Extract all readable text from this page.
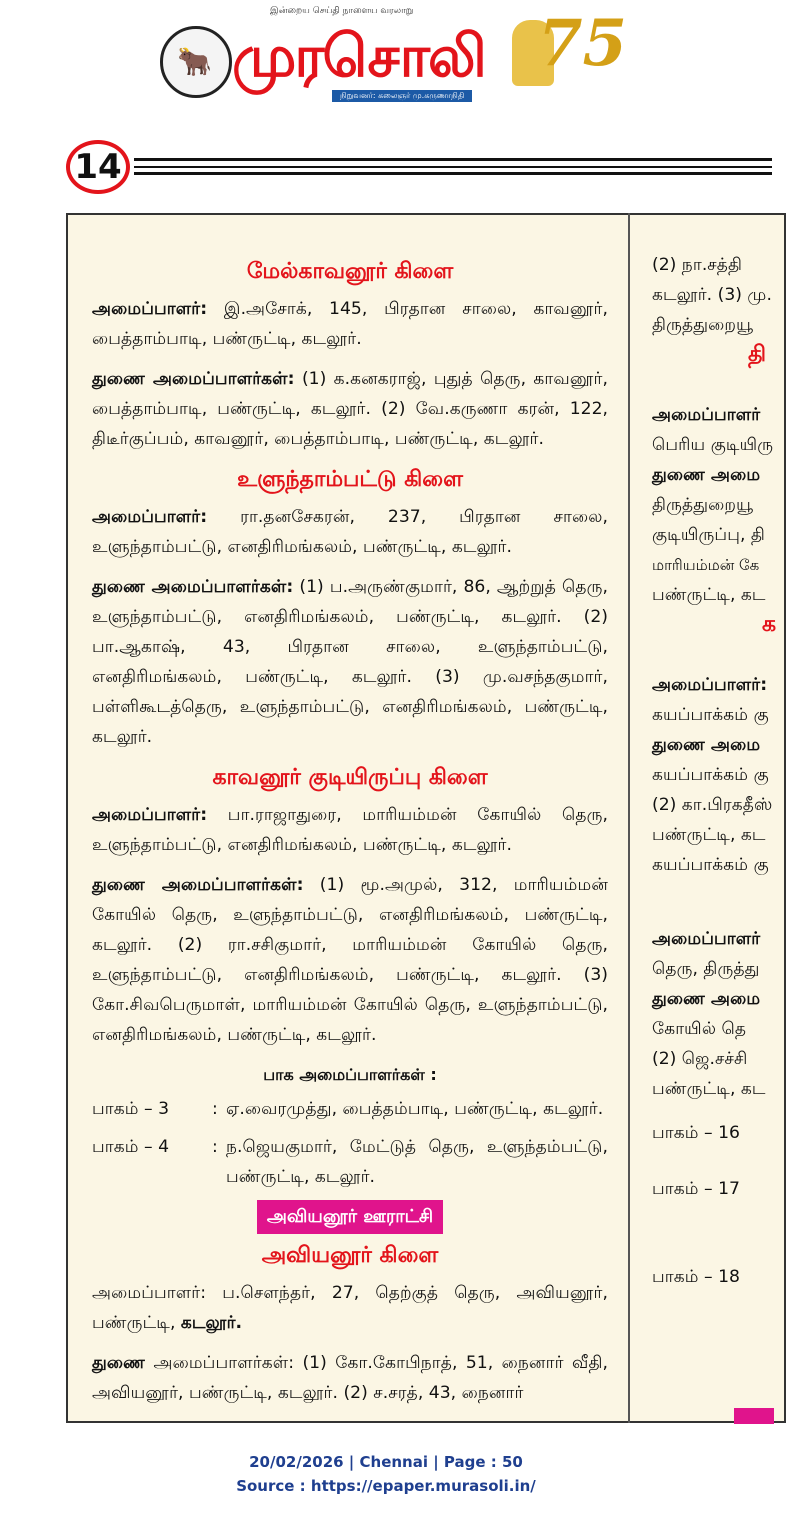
🐂
இன்றைய செய்தி நாளைய வரலாறு
முரசொலி 75
நிறுவனர்: கலைஞர் மு.கருணாநிதி
14
மேல்காவனூர் கிளை

அமைப்பாளர்: இ.அசோக், 145, பிரதான சாலை, காவனூர், பைத்தாம்பாடி, பண்ருட்டி, கடலூர்.

துணை அமைப்பாளர்கள்: (1) க.கனகராஜ், புதுத் தெரு, காவனூர், பைத்தாம்பாடி, பண்ருட்டி, கடலூர். (2) வே.கருணா கரன், 122, திடீர்குப்பம், காவனூர், பைத்தாம்பாடி, பண்ருட்டி, கடலூர்.

உளுந்தாம்பட்டு கிளை

அமைப்பாளர்: ரா.தனசேகரன், 237, பிரதான சாலை, உளுந்தாம்பட்டு, எனதிரிமங்கலம், பண்ருட்டி, கடலூர்.

துணை அமைப்பாளர்கள்: (1) ப.அருண்குமார், 86, ஆற்றுத் தெரு, உளுந்தாம்பட்டு, எனதிரிமங்கலம், பண்ருட்டி, கடலூர். (2) பா.ஆகாஷ், 43, பிரதான சாலை, உளுந்தாம்பட்டு, எனதிரிமங்கலம், பண்ருட்டி, கடலூர். (3) மு.வசந்தகுமார், பள்ளிகூடத்தெரு, உளுந்தாம்பட்டு, எனதிரிமங்கலம், பண்ருட்டி, கடலூர்.

காவனூர் குடியிருப்பு கிளை

அமைப்பாளர்: பா.ராஜாதுரை, மாரியம்மன் கோயில் தெரு, உளுந்தாம்பட்டு, எனதிரிமங்கலம், பண்ருட்டி, கடலூர்.

துணை அமைப்பாளர்கள்: (1) மூ.அமுல், 312, மாரியம்மன் கோயில் தெரு, உளுந்தாம்பட்டு, எனதிரிமங்கலம், பண்ருட்டி, கடலூர். (2) ரா.சசிகுமார், மாரியம்மன் கோயில் தெரு, உளுந்தாம்பட்டு, எனதிரிமங்கலம், பண்ருட்டி, கடலூர். (3) கோ.சிவபெருமாள், மாரியம்மன் கோயில் தெரு, உளுந்தாம்பட்டு, எனதிரிமங்கலம், பண்ருட்டி, கடலூர்.

பாக அமைப்பாளர்கள் :
பாகம் – 3	: ஏ.வைரமுத்து, பைத்தம்பாடி, பண்ருட்டி, கடலூர்.
பாகம் – 4	: ந.ஜெயகுமார், மேட்டுத் தெரு, உளுந்தம்பட்டு, பண்ருட்டி, கடலூர்.
அவியனூர் ஊராட்சி
அவியனூர் கிளை

அமைப்பாளர்: ப.சௌந்தர், 27, தெற்குத் தெரு, அவியனூர், பண்ருட்டி, கடலூர்.

துணை அமைப்பாளர்கள்: (1) கோ.கோபிநாத், 51, நைனார் வீதி, அவியனூர், பண்ருட்டி, கடலூர். (2) ச.சரத், 43, நைனார்

(2) நா.சத்தி
கடலூர். (3) மு.
திருத்துறையூ
தி
அமைப்பாளர்
பெரிய குடியிரு
துணை அமை
திருத்துறையூ
குடியிருப்பு, தி
மாரியம்மன் கே
பண்ருட்டி, கட
க
அமைப்பாளர்:
கயப்பாக்கம் கு
துணை அமை
கயப்பாக்கம் கு
(2) கா.பிரகதீஸ்
பண்ருட்டி, கட
கயப்பாக்கம் கு
அமைப்பாளர்
தெரு, திருத்து
துணை அமை
கோயில் தெ
(2) ஜெ.சச்சி
பண்ருட்டி, கட
பாகம் – 16
பாகம் – 17
பாகம் – 18
20/02/2026 | Chennai | Page : 50
Source : https://epaper.murasoli.in/
